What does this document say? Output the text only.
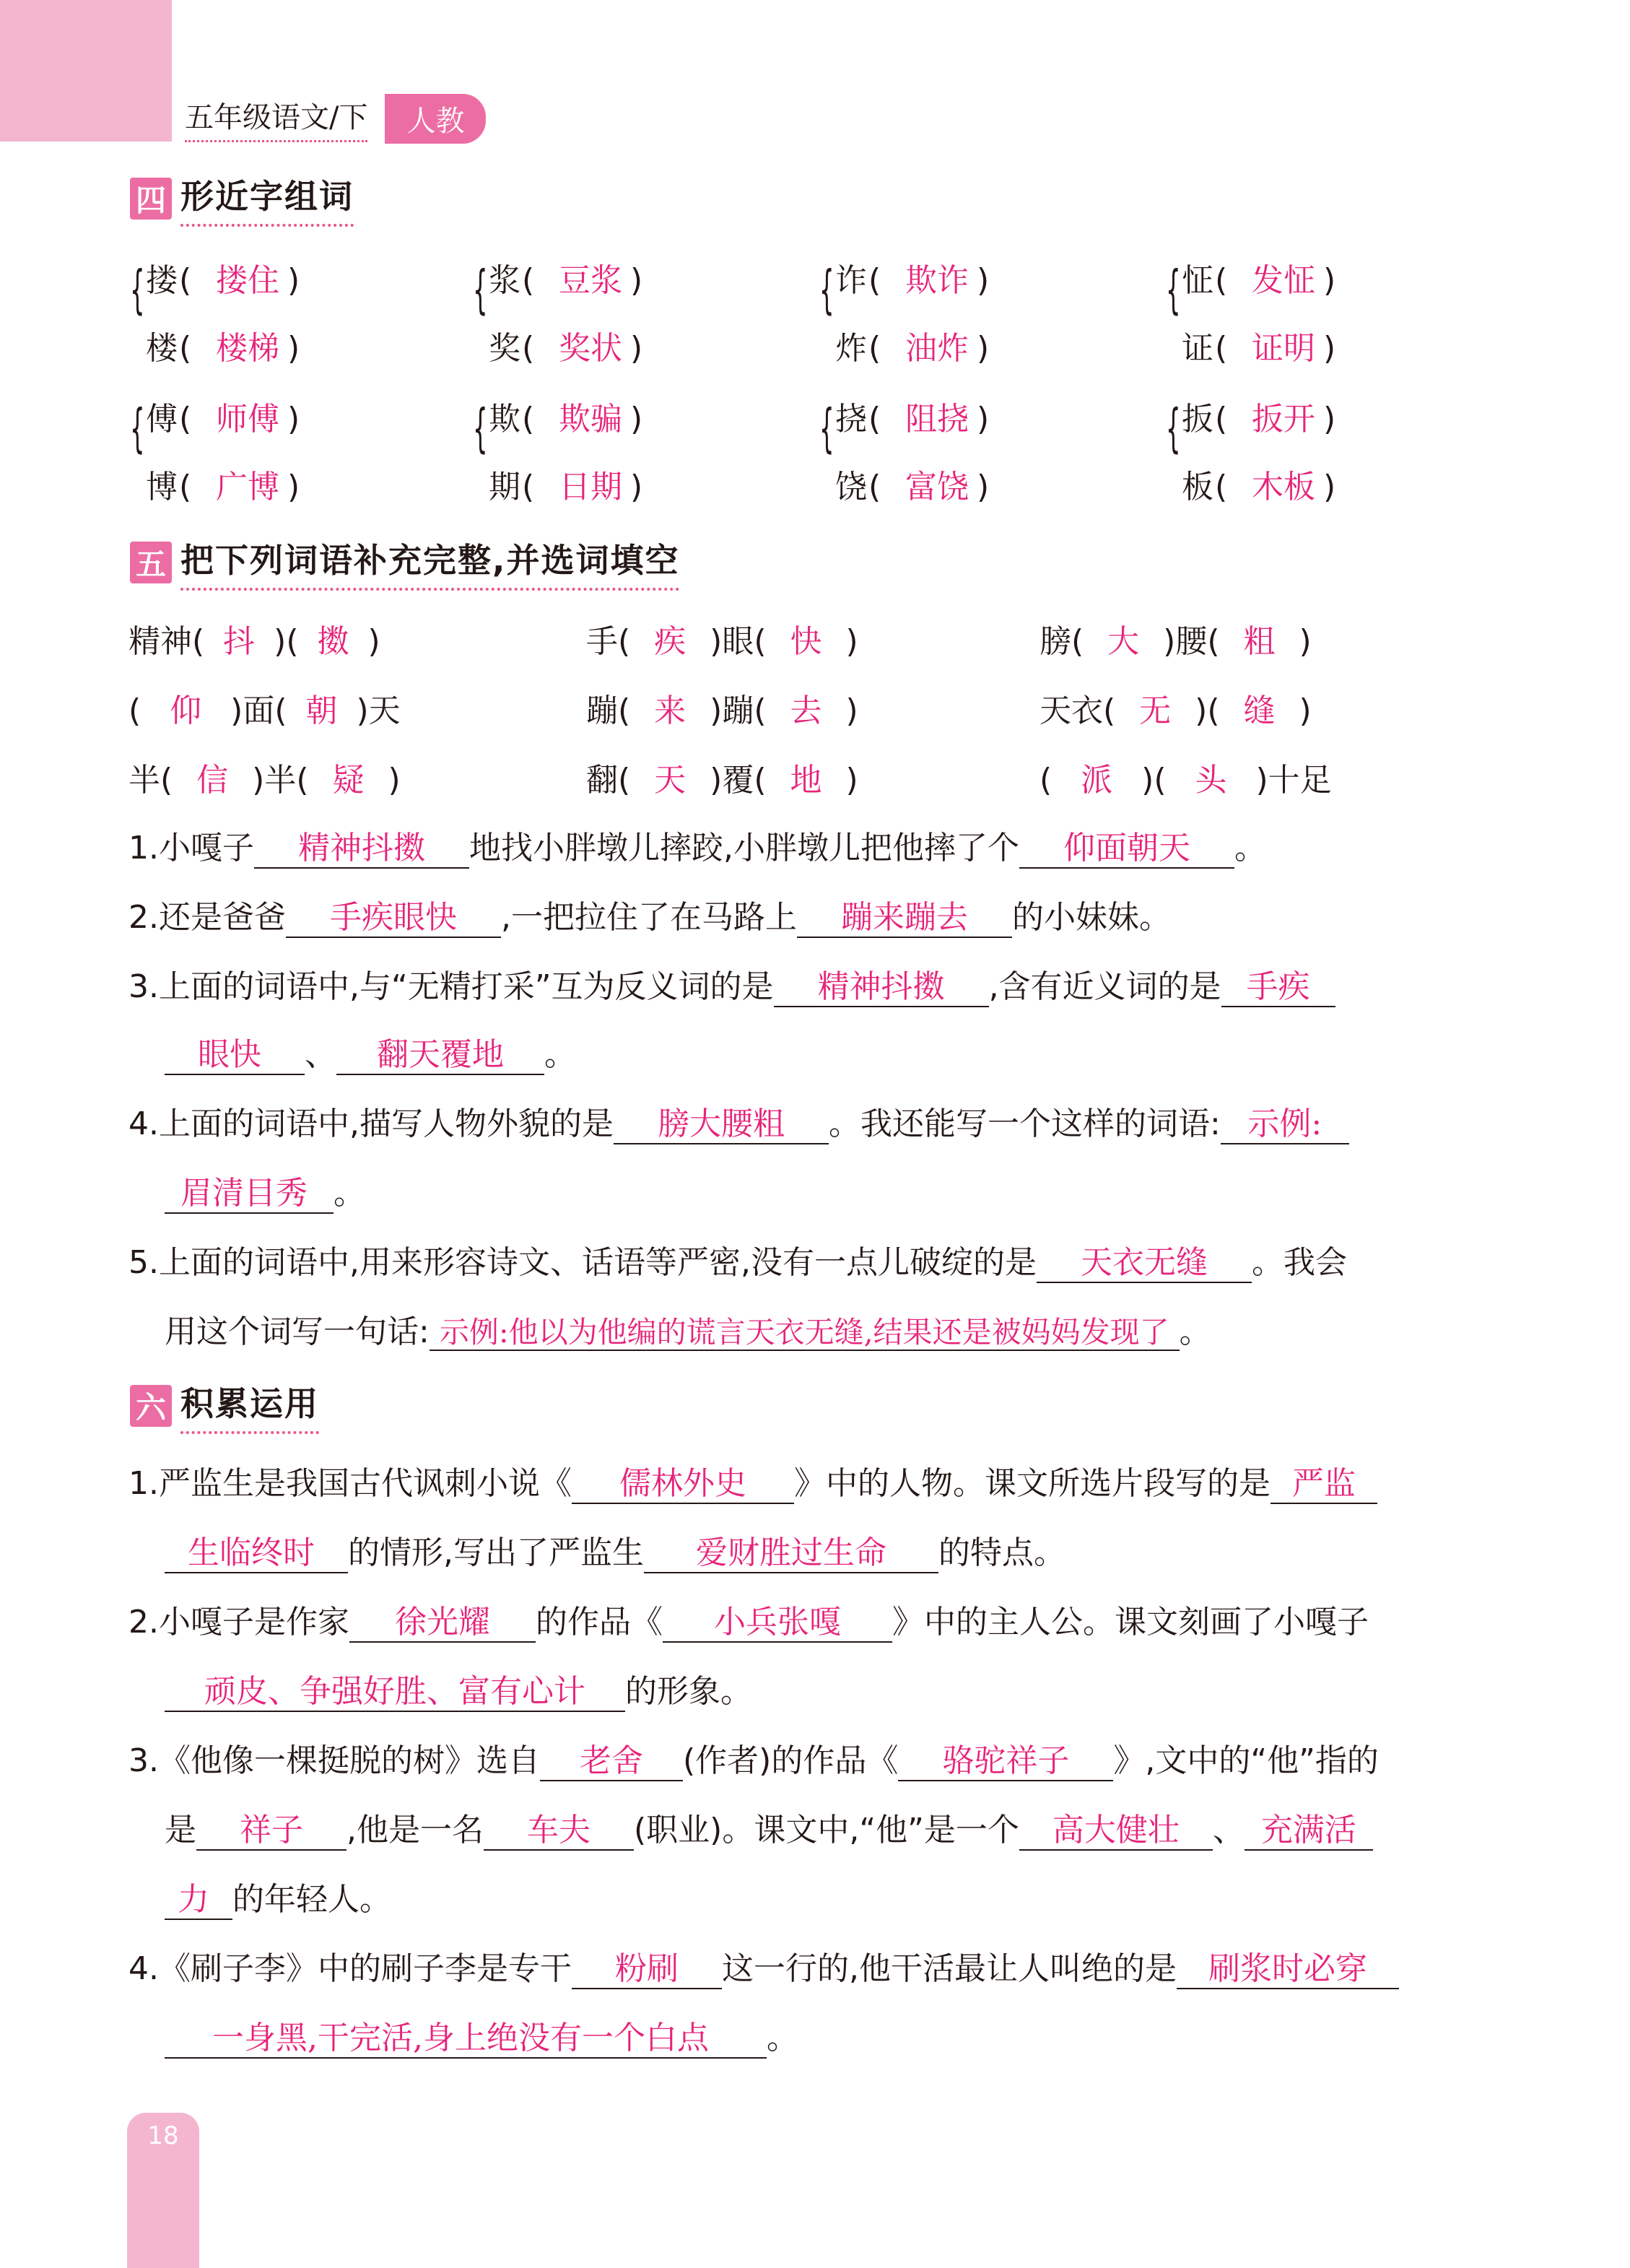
五年级语文/下	人教
四 形近字组词
{ 搂( 搂住 )
楼( 楼梯 )
{ 浆( 豆浆 )
奖( 奖状 )
{ 诈( 欺诈 )
炸( 油炸 )
{ 怔( 发怔 )
证( 证明 )
{ 傅( 师傅 )
博( 广博 )
{ 欺( 欺骗 )
期( 日期 )
{ 挠( 阻挠 )
饶( 富饶 )
{ 扳( 扳开 )
板( 木板 )
五 把下列词语补充完整,并选词填空
精神( 抖 )( 擞 )	手( 疾 )眼( 快 )	膀( 大 )腰( 粗 )
( 仰 )面( 朝 )天	蹦( 来 )蹦( 去 )	天衣( 无 )( 缝 )
半( 信 )半( 疑 )	翻( 天 )覆( 地 )	( 派 )( 头 )十足
1.小嘎子 精神抖擞 地找小胖墩儿摔跤,小胖墩儿把他摔了个 仰面朝天 。
2.还是爸爸 手疾眼快 ,一把拉住了在马路上 蹦来蹦去 的小妹妹。
3.上面的词语中,与“无精打采”互为反义词的是 精神抖擞 ,含有近义词的是 手疾
眼快 、 翻天覆地 。
4.上面的词语中,描写人物外貌的是 膀大腰粗 。我还能写一个这样的词语: 示例:
眉清目秀 。
5.上面的词语中,用来形容诗文、话语等严密,没有一点儿破绽的是 天衣无缝 。我会
用这个词写一句话: 示例:他以为他编的谎言天衣无缝,结果还是被妈妈发现了 。
六 积累运用
1.严监生是我国古代讽刺小说《 儒林外史 》中的人物。课文所选片段写的是 严监
生临终时 的情形,写出了严监生 爱财胜过生命 的特点。
2.小嘎子是作家 徐光耀 的作品《 小兵张嘎 》中的主人公。课文刻画了小嘎子
顽皮、争强好胜、富有心计 的形象。
3.《他像一棵挺脱的树》选自 老舍 (作者)的作品《 骆驼祥子 》,文中的“他”指的
是 祥子 ,他是一名 车夫 (职业)。课文中,“他”是一个 高大健壮 、 充满活
力 的年轻人。
4.《刷子李》中的刷子李是专干 粉刷 这一行的,他干活最让人叫绝的是 刷浆时必穿
一身黑,干完活,身上绝没有一个白点 。
18
